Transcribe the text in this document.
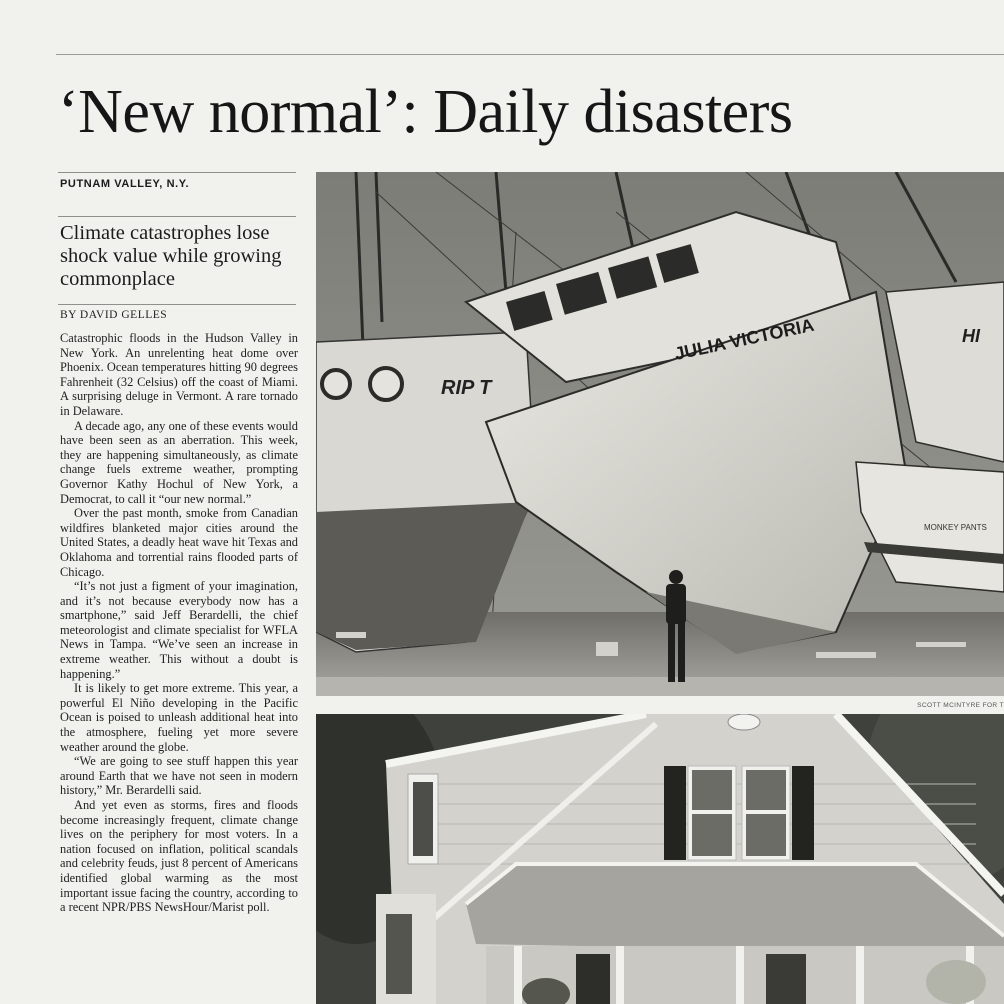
‘New normal’: Daily disasters
PUTNAM VALLEY, N.Y.
Climate catastrophes lose shock value while growing commonplace
BY DAVID GELLES

Catastrophic floods in the Hudson Valley in New York. An unrelenting heat dome over Phoenix. Ocean temperatures hitting 90 degrees Fahrenheit (32 Celsius) off the coast of Miami. A surprising deluge in Vermont. A rare tornado in Delaware.

A decade ago, any one of these events would have been seen as an aberration. This week, they are happening simultaneously, as climate change fuels extreme weather, prompting Governor Kathy Hochul of New York, a Democrat, to call it “our new normal.”

Over the past month, smoke from Canadian wildfires blanketed major cities around the United States, a deadly heat wave hit Texas and Oklahoma and torrential rains flooded parts of Chicago.

“It’s not just a figment of your imagination, and it’s not because everybody now has a smartphone,” said Jeff Berardelli, the chief meteorologist and climate specialist for WFLA News in Tampa. “We’ve seen an increase in extreme weather. This without a doubt is happening.”

It is likely to get more extreme. This year, a powerful El Niño developing in the Pacific Ocean is poised to unleash additional heat into the atmosphere, fueling yet more severe weather around the globe.

“We are going to see stuff happen this year around Earth that we have not seen in modern history,” Mr. Berardelli said.

And yet even as storms, fires and floods become increasingly frequent, climate change lives on the periphery for most voters. In a nation focused on inflation, political scandals and celebrity feuds, just 8 percent of Americans identified global warming as the most important issue facing the country, according to a recent NPR/PBS NewsHour/Marist poll.

RIP T
JULIA VICTORIA	HI
MONKEY PANTS
SCOTT MCINTYRE FOR T
